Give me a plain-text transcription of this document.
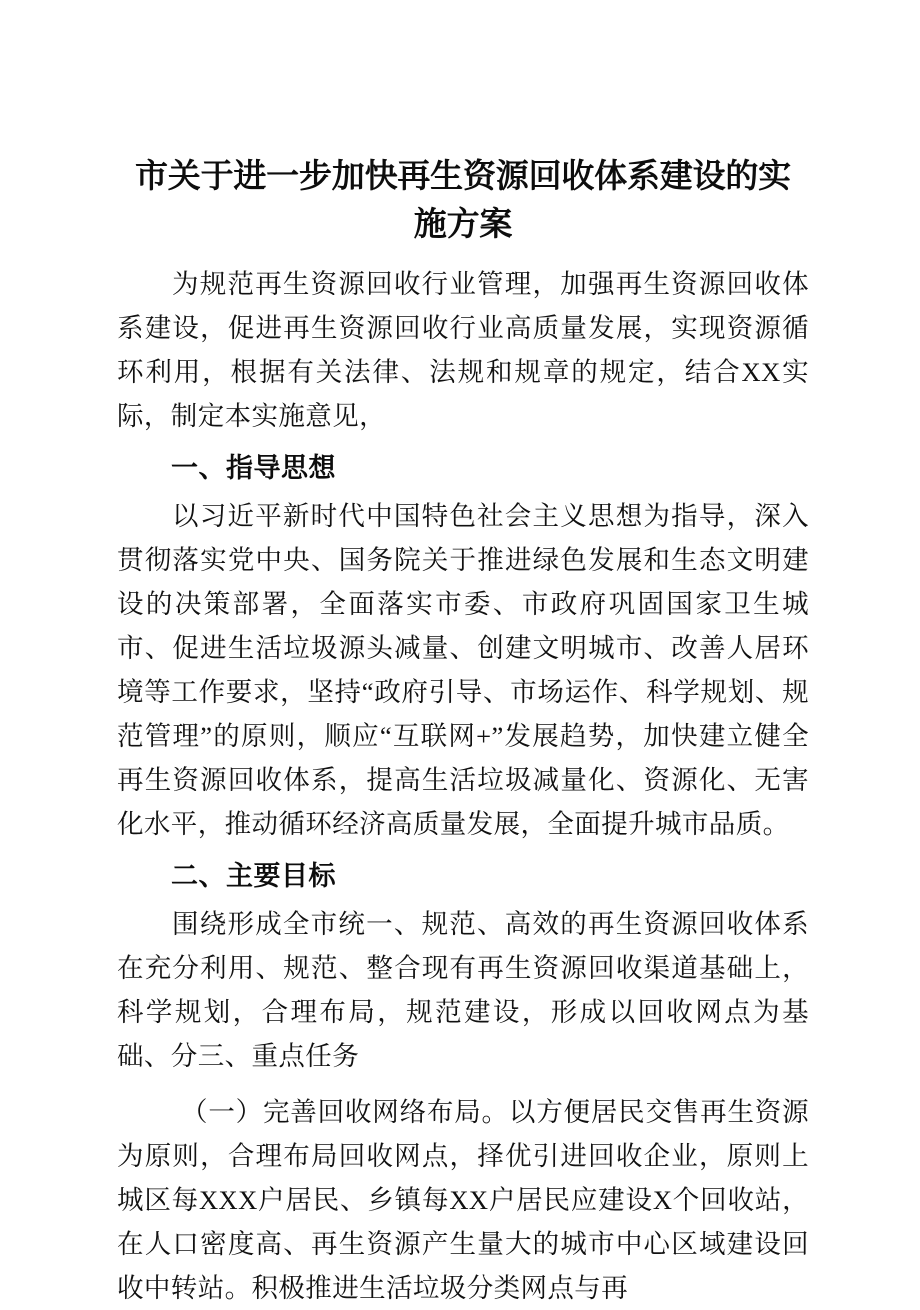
市关于进一步加快再生资源回收体系建设的实施方案

为规范再生资源回收行业管理，加强再生资源回收体系建设，促进再生资源回收行业高质量发展，实现资源循环利用，根据有关法律、法规和规章的规定，结合XX实际，制定本实施意见，

一、指导思想

以习近平新时代中国特色社会主义思想为指导，深入贯彻落实党中央、国务院关于推进绿色发展和生态文明建设的决策部署，全面落实市委、市政府巩固国家卫生城市、促进生活垃圾源头减量、创建文明城市、改善人居环境等工作要求，坚持“政府引导、市场运作、科学规划、规范管理”的原则，顺应“互联网+”发展趋势，加快建立健全再生资源回收体系，提高生活垃圾减量化、资源化、无害化水平，推动循环经济高质量发展，全面提升城市品质。

二、主要目标

围绕形成全市统一、规范、高效的再生资源回收体系在充分利用、规范、整合现有再生资源回收渠道基础上，科学规划，合理布局，规范建设，形成以回收网点为基础、分三、重点任务

（一）完善回收网络布局。以方便居民交售再生资源为原则，合理布局回收网点，择优引进回收企业，原则上城区每XXX户居民、乡镇每XX户居民应建设X个回收站，在人口密度高、再生资源产生量大的城市中心区域建设回收中转站。积极推进生活垃圾分类网点与再
